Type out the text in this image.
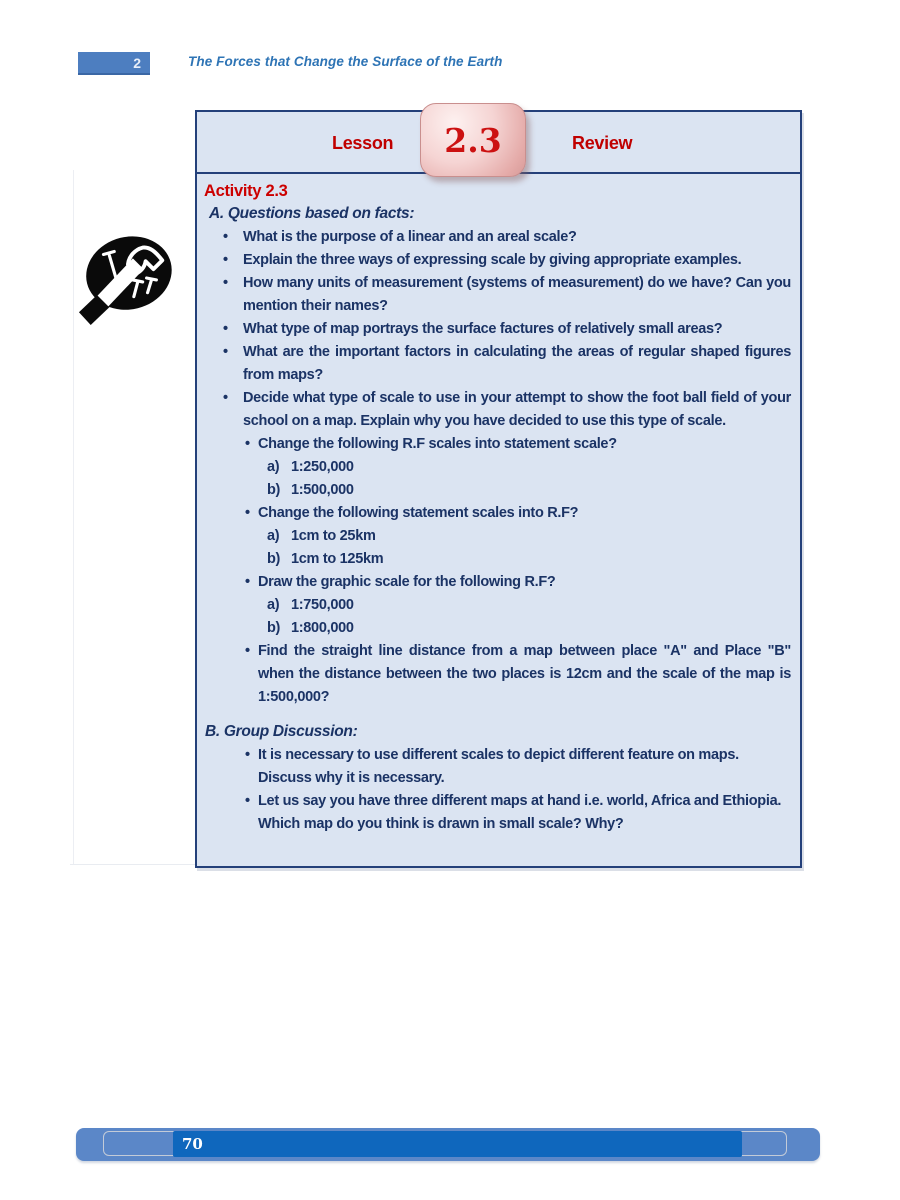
2	The Forces that Change the Surface of the Earth
Lesson	2.3	Review
Activity 2.3
A. Questions based on facts:
•	What is the purpose of a linear and an areal scale?
•	Explain the three ways of expressing scale by giving appropriate examples.
•	How many units of measurement (systems of measurement) do we have? Can you mention their names?
•	What type of map portrays the surface factures of relatively small areas?
•	What are the important factors in calculating the areas of regular shaped figures from maps?
•	Decide what type of scale to use in your attempt to show the foot ball field of your school on a map. Explain why you have decided to use this type of scale.
• Change the following R.F scales into statement scale?
a) 1:250,000
b) 1:500,000
• Change the following statement scales into R.F?
a) 1cm to 25km
b) 1cm to 125km
• Draw the graphic scale for the following R.F?
a) 1:750,000
b) 1:800,000
• Find the straight line distance from a map between place "A" and Place "B" when the distance between the two places is 12cm and the scale of the map is 1:500,000?
B. Group Discussion:
• It is necessary to use different scales to depict different feature on maps. Discuss why it is necessary.
• Let us say you have three different maps at hand i.e. world, Africa and Ethiopia. Which map do you think is drawn in small scale? Why?
70
